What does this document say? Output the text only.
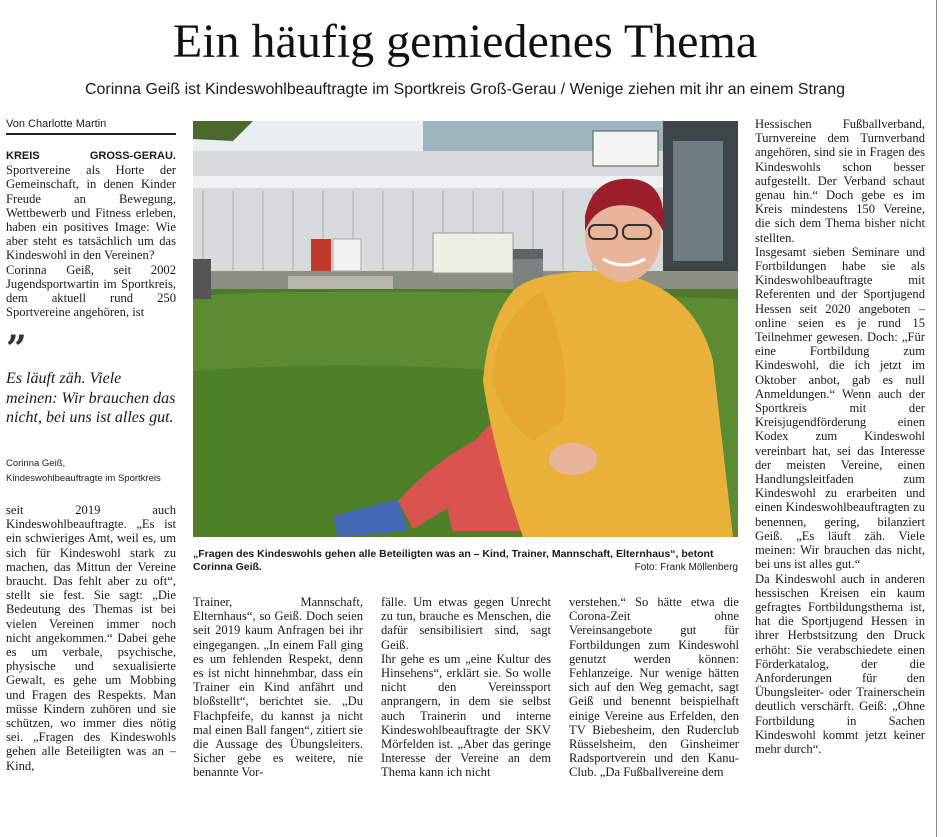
Ein häufig gemiedenes Thema
Corinna Geiß ist Kindeswohlbeauftragte im Sportkreis Groß-Gerau / Wenige ziehen mit ihr an einem Strang
Von Charlotte Martin
KREIS GROSS-GERAU. Sportvereine als Horte der Gemeinschaft, in denen Kinder Freude an Bewegung, Wettbewerb und Fitness erleben, haben ein positives Image: Wie aber steht es tatsächlich um das Kindeswohl in den Vereinen?
Corinna Geiß, seit 2002 Jugendsportwartin im Sportkreis, dem aktuell rund 250 Sportvereine angehören, ist
”
Es läuft zäh. Viele meinen: Wir brauchen das nicht, bei uns ist alles gut.
Corinna Geiß,
Kindeswohlbeauftragte im Sportkreis
seit 2019 auch Kindeswohlbeauftragte. „Es ist ein schwieriges Amt, weil es, um sich für Kindeswohl stark zu machen, das Mittun der Vereine braucht. Das fehlt aber zu oft“, stellt sie fest. Sie sagt: „Die Bedeutung des Themas ist bei vielen Vereinen immer noch nicht angekommen.“ Dabei gehe es um verbale, psychische, physische und sexualisierte Gewalt, es gehe um Mobbing und Fragen des Respekts. Man müsse Kindern zuhören und sie schützen, wo immer dies nötig sei. „Fragen des Kindeswohls gehen alle Beteiligten was an – Kind,
„Fragen des Kindeswohls gehen alle Beteiligten was an – Kind, Trainer, Mannschaft, Elternhaus“, betont Corinna Geiß.	Foto: Frank Möllenberg
Trainer, Mannschaft, Elternhaus“, so Geiß. Doch seien seit 2019 kaum Anfragen bei ihr eingegangen. „In einem Fall ging es um fehlenden Respekt, denn es ist nicht hinnehmbar, dass ein Trainer ein Kind anfährt und bloßstellt“, berichtet sie. „Du Flachpfeife, du kannst ja nicht mal einen Ball fangen“, zitiert sie die Aussage des Übungsleiters. Sicher gebe es weitere, nie benannte Vor-
fälle. Um etwas gegen Unrecht zu tun, brauche es Menschen, die dafür sensibilisiert sind, sagt Geiß.
Ihr gehe es um „eine Kultur des Hinsehens“, erklärt sie. So wolle nicht den Vereinssport anprangern, in dem sie selbst auch Trainerin und interne Kindeswohlbeauftragte der SKV Mörfelden ist. „Aber das geringe Interesse der Vereine an dem Thema kann ich nicht
verstehen.“ So hätte etwa die Corona-Zeit ohne Vereinsangebote gut für Fortbildungen zum Kindeswohl genutzt werden können: Fehlanzeige. Nur wenige hätten sich auf den Weg gemacht, sagt Geiß und benennt beispielhaft einige Vereine aus Erfelden, den TV Biebesheim, den Ruderclub Rüsselsheim, den Ginsheimer Radsportverein und den Kanu-Club. „Da Fußballvereine dem
Hessischen Fußballverband, Turnvereine dem Turnverband angehören, sind sie in Fragen des Kindeswohls schon besser aufgestellt. Der Verband schaut genau hin.“ Doch gebe es im Kreis mindestens 150 Vereine, die sich dem Thema bisher nicht stellten.
Insgesamt sieben Seminare und Fortbildungen habe sie als Kindeswohlbeauftragte mit Referenten und der Sportjugend Hessen seit 2020 angeboten – online seien es je rund 15 Teilnehmer gewesen. Doch: „Für eine Fortbildung zum Kindeswohl, die ich jetzt im Oktober anbot, gab es null Anmeldungen.“ Wenn auch der Sportkreis mit der Kreisjugendförderung einen Kodex zum Kindeswohl vereinbart hat, sei das Interesse der meisten Vereine, einen Handlungsleitfaden zum Kindeswohl zu erarbeiten und einen Kindeswohlbeauftragten zu benennen, gering, bilanziert Geiß. „Es läuft zäh. Viele meinen: Wir brauchen das nicht, bei uns ist alles gut.“
Da Kindeswohl auch in anderen hessischen Kreisen ein kaum gefragtes Fortbildungsthema ist, hat die Sportjugend Hessen in ihrer Herbstsitzung den Druck erhöht: Sie verabschiedete einen Förderkatalog, der die Anforderungen für den Übungsleiter- oder Trainerschein deutlich verschärft. Geiß: „Ohne Fortbildung in Sachen Kindeswohl kommt jetzt keiner mehr durch“.
